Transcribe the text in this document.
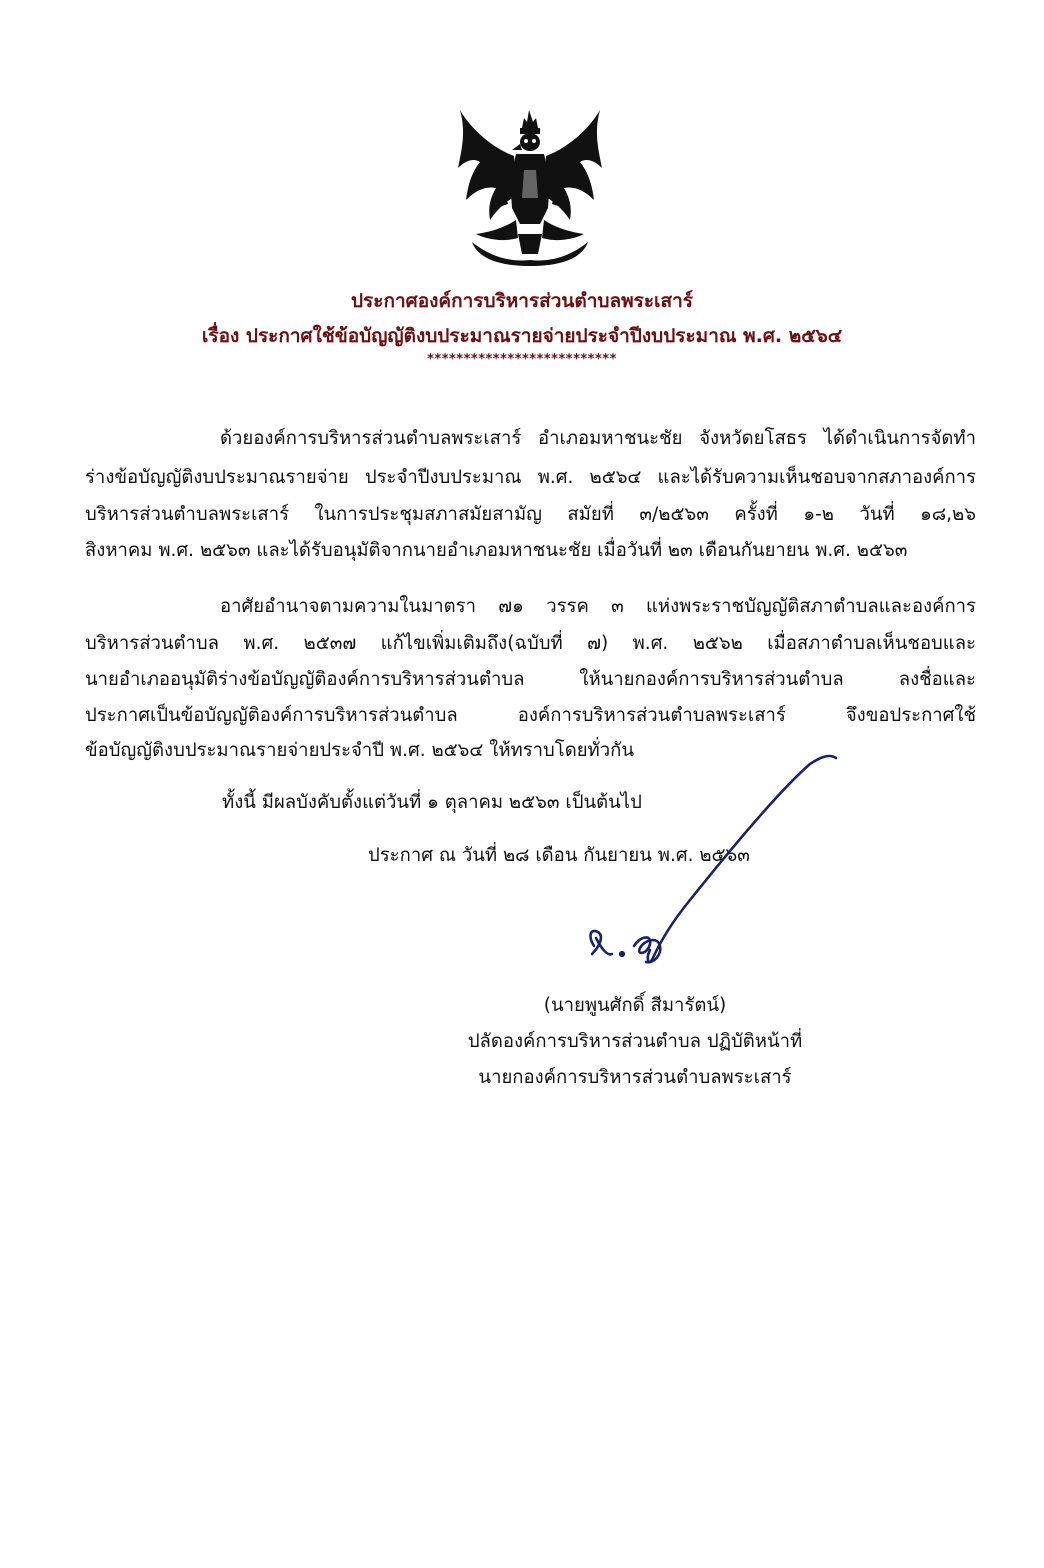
ประกาศองค์การบริหารส่วนตำบลพระเสาร์
เรื่อง ประกาศใช้ข้อบัญญัติงบประมาณรายจ่ายประจำปีงบประมาณ พ.ศ. ๒๕๖๔
**************************
ด้วยองค์การบริหารส่วนตำบลพระเสาร์ อำเภอมหาชนะชัย จังหวัดยโสธร ได้ดำเนินการจัดทำ
ร่างข้อบัญญัติงบประมาณรายจ่าย ประจำปีงบประมาณ พ.ศ. ๒๕๖๔ และได้รับความเห็นชอบจากสภาองค์การ
บริหารส่วนตำบลพระเสาร์ ในการประชุมสภาสมัยสามัญ สมัยที่ ๓/๒๕๖๓ ครั้งที่ ๑-๒ วันที่ ๑๘,๒๖
สิงหาคม พ.ศ. ๒๕๖๓ และได้รับอนุมัติจากนายอำเภอมหาชนะชัย เมื่อวันที่ ๒๓ เดือนกันยายน พ.ศ. ๒๕๖๓
อาศัยอำนาจตามความในมาตรา ๗๑ วรรค ๓ แห่งพระราชบัญญัติสภาตำบลและองค์การ
บริหารส่วนตำบล พ.ศ. ๒๕๓๗ แก้ไขเพิ่มเติมถึง(ฉบับที่ ๗) พ.ศ. ๒๕๖๒ เมื่อสภาตำบลเห็นชอบและ
นายอำเภออนุมัติร่างข้อบัญญัติองค์การบริหารส่วนตำบล ให้นายกองค์การบริหารส่วนตำบล ลงชื่อและ
ประกาศเป็นข้อบัญญัติองค์การบริหารส่วนตำบล องค์การบริหารส่วนตำบลพระเสาร์ จึงขอประกาศใช้
ข้อบัญญัติงบประมาณรายจ่ายประจำปี พ.ศ. ๒๕๖๔ ให้ทราบโดยทั่วกัน
ทั้งนี้ มีผลบังคับตั้งแต่วันที่ ๑ ตุลาคม ๒๕๖๓ เป็นต้นไป
ประกาศ ณ วันที่ ๒๘ เดือน กันยายน พ.ศ. ๒๕๖๓
(นายพูนศักดิ์ สีมารัตน์)
ปลัดองค์การบริหารส่วนตำบล ปฏิบัติหน้าที่
นายกองค์การบริหารส่วนตำบลพระเสาร์
